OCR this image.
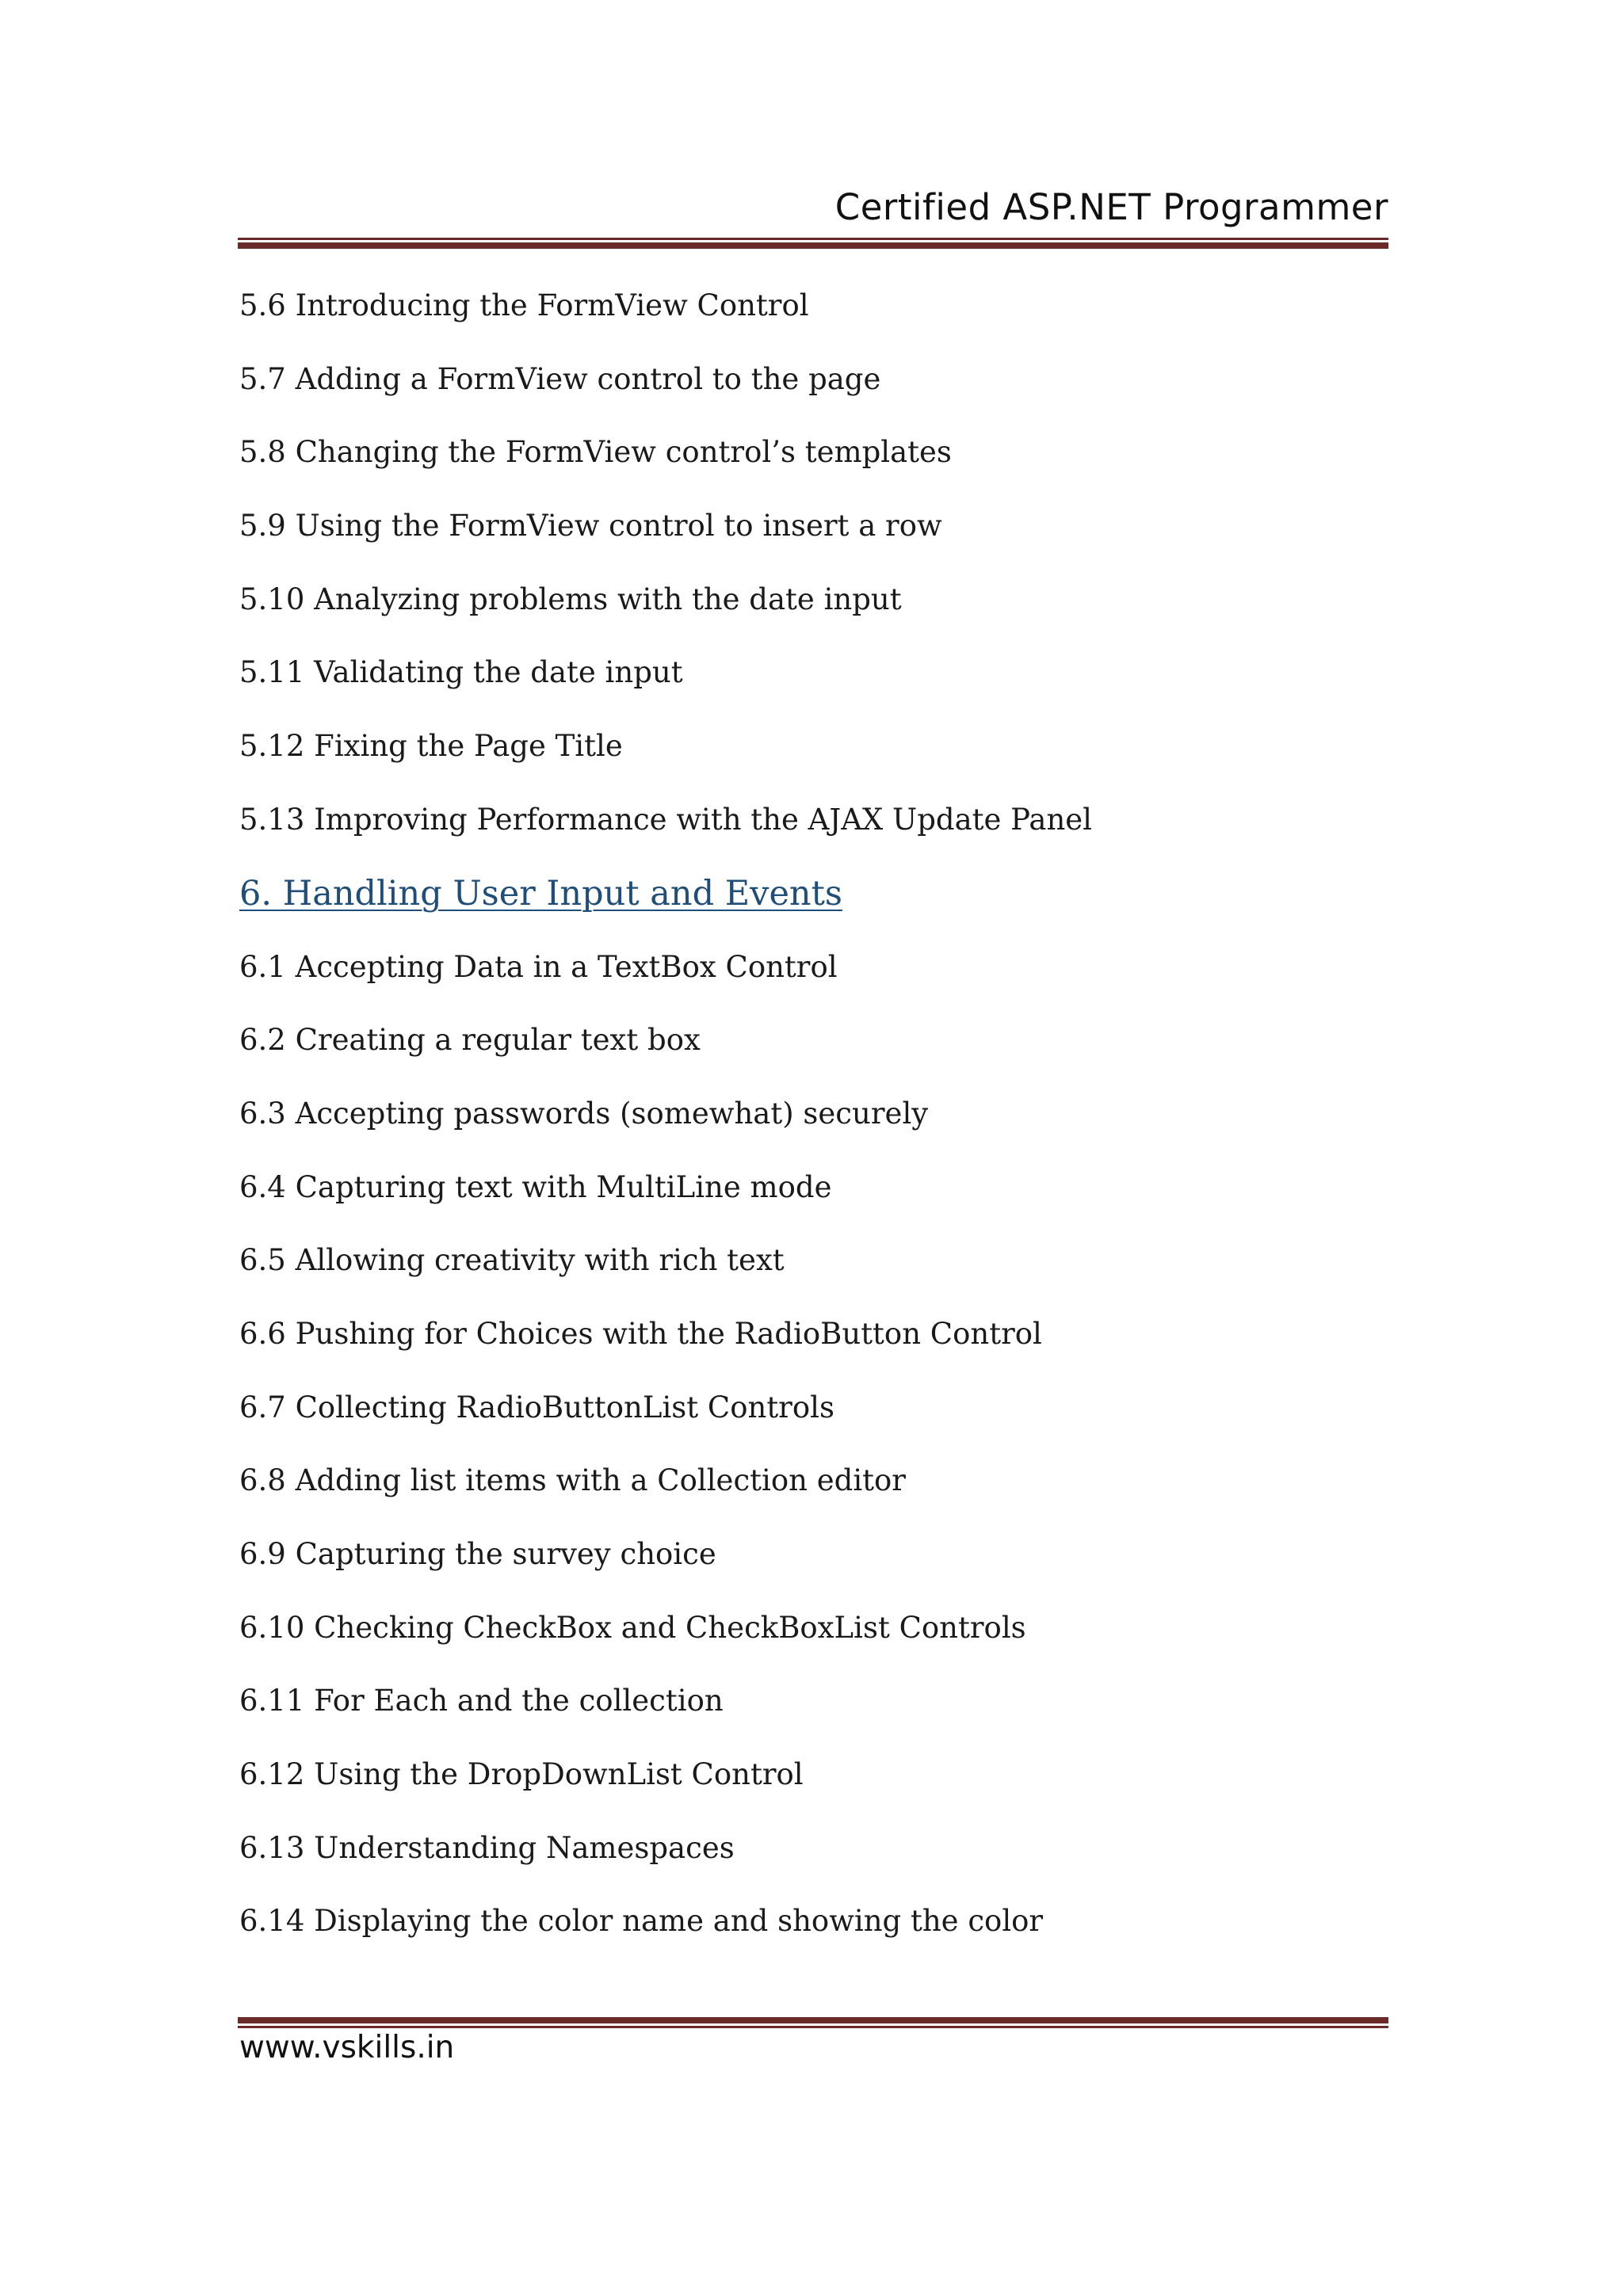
Certified ASP.NET Programmer
5.6 Introducing the FormView Control
5.7 Adding a FormView control to the page
5.8 Changing the FormView control’s templates
5.9 Using the FormView control to insert a row
5.10 Analyzing problems with the date input
5.11 Validating the date input
5.12 Fixing the Page Title
5.13 Improving Performance with the AJAX Update Panel
6. Handling User Input and Events
6.1 Accepting Data in a TextBox Control
6.2 Creating a regular text box
6.3 Accepting passwords (somewhat) securely
6.4 Capturing text with MultiLine mode
6.5 Allowing creativity with rich text
6.6 Pushing for Choices with the RadioButton Control
6.7 Collecting RadioButtonList Controls
6.8 Adding list items with a Collection editor
6.9 Capturing the survey choice
6.10 Checking CheckBox and CheckBoxList Controls
6.11 For Each and the collection
6.12 Using the DropDownList Control
6.13 Understanding Namespaces
6.14 Displaying the color name and showing the color
www.vskills.in
